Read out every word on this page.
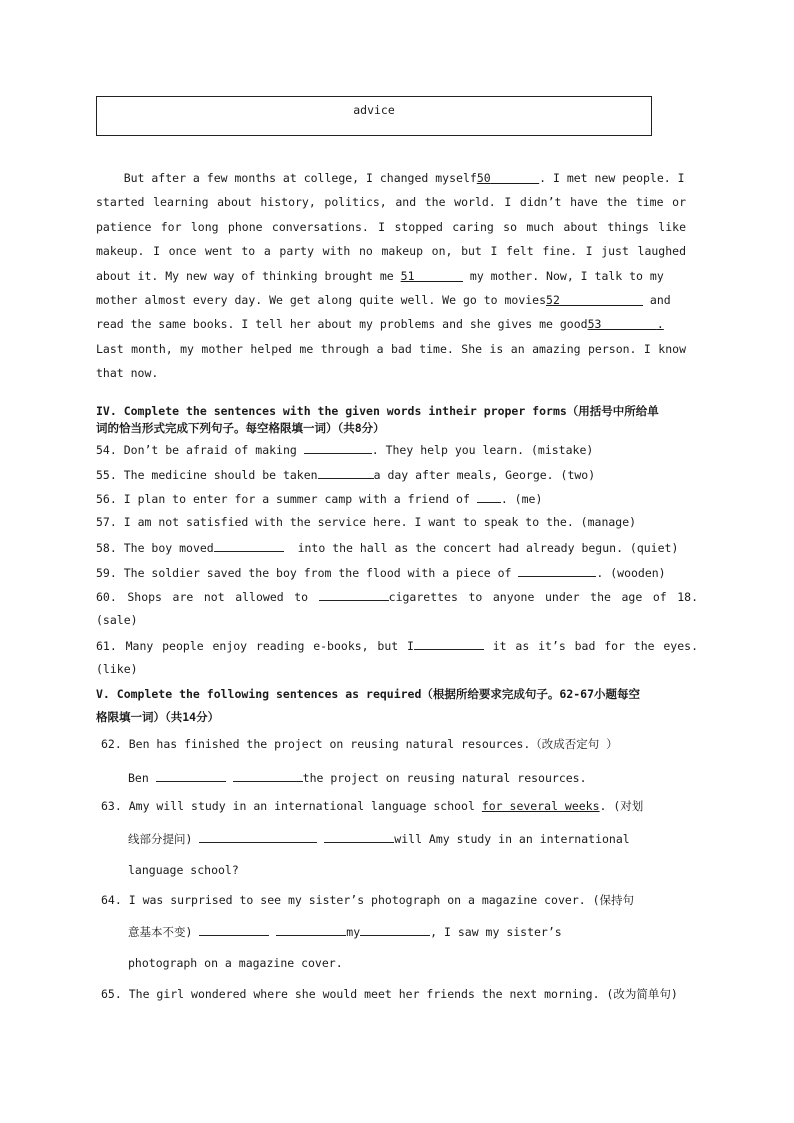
advice
But after a few months at college, I changed myself50	. I met new people. I
started learning about history, politics, and the world. I didn’t have the time or
patience for long phone conversations. I stopped caring so much about things like
makeup. I once went to a party with no makeup on, but I felt fine. I just laughed
about it. My new way of thinking brought me 51	my mother. Now, I talk to my
mother almost every day. We get along quite well. We go to movies52	and
read the same books. I tell her about my problems and she gives me good53	.
Last month, my mother helped me through a bad time. She is an amazing person. I know
that now.
IV. Complete the sentences with the given words intheir proper forms（用括号中所给单
词的恰当形式完成下列句子。每空格限填一词）（共8分）
54. Don’t be afraid of making	. They help you learn. (mistake)
55. The medicine should be taken	a day after meals, George. (two)
56. I plan to enter for a summer camp with a friend of . (me)
57. I am not satisfied with the service here. I want to speak to the. (manage)
58. The boy moved	into the hall as the concert had already begun. (quiet)
59. The soldier saved the boy from the flood with a piece of	. (wooden)
60. Shops are not allowed to	cigarettes to anyone under the age of 18.
(sale)
61. Many people enjoy reading e-books, but I	it as it’s bad for the eyes.
(like)
V. Complete the following sentences as required（根据所给要求完成句子。62-67小题每空
格限填一词）（共14分）
62. Ben has finished the project on reusing natural resources.（改成否定句 ）
Ben	the project on reusing natural resources.
63. Amy will study in an international language school for several weeks. (对划
线部分提问)	will Amy study in an international
language school?
64. I was surprised to see my sister’s photograph on a magazine cover. (保持句
意基本不变)	my	, I saw my sister’s
photograph on a magazine cover.
65. The girl wondered where she would meet her friends the next morning. (改为简单句)
